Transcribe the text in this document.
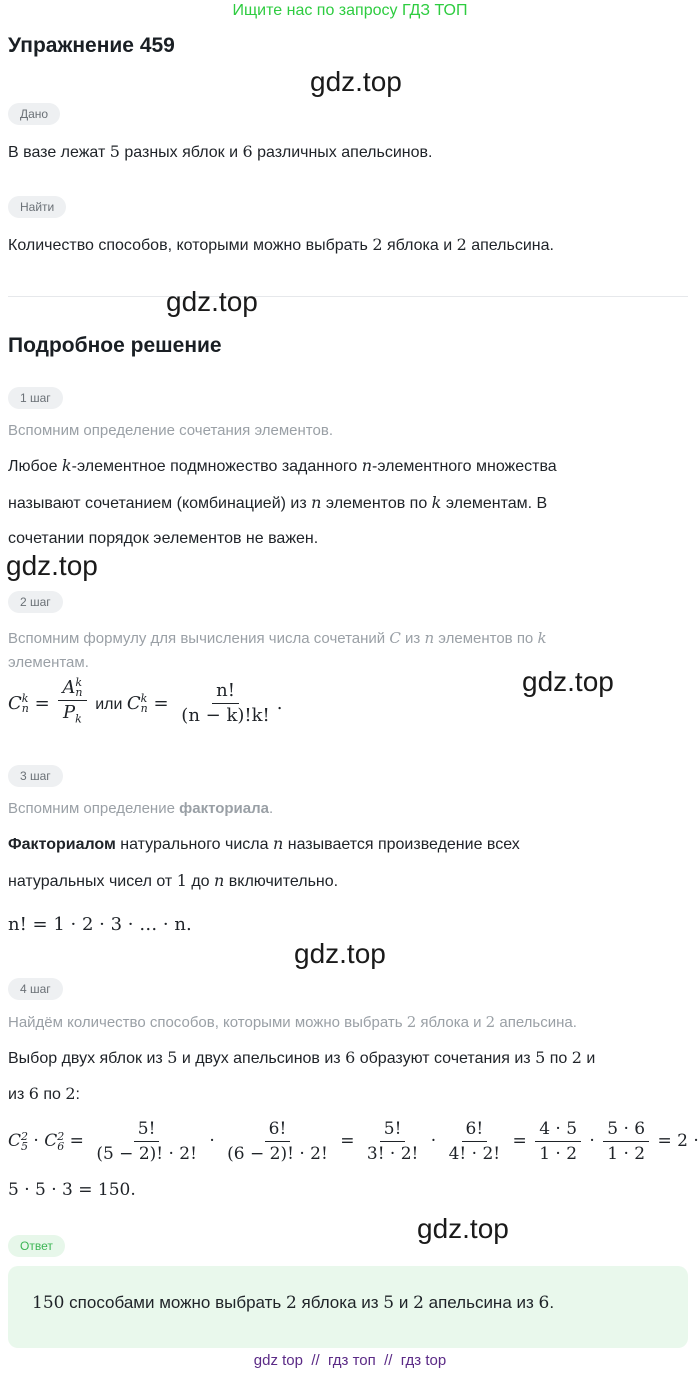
Ищите нас по запросу ГДЗ ТОП
Упражнение 459
gdz.top
Дано
В вазе лежат 5 разных яблок и 6 различных апельсинов.
Найти
Количество способов, которыми можно выбрать 2 яблока и 2 апельсина.
gdz.top
Подробное решение
1 шаг
Вспомним определение сочетания элементов.
Любое k-элементное подмножество заданного n-элементного множества
называют сочетанием (комбинацией) из n элементов по k элементам. В
сочетании порядок эелементов не важен.
gdz.top
2 шаг
Вспомним формулу для вычисления числа сочетаний C из n элементов по k
элементам.
gdz.top
C k
n = A k
n
$P_k$ или C k
$n = \frac{n!}{(n - k)!k!}$ .
3 шаг
Вспомним определение факториала.
Факториалом натурального числа n называется произведение всех
натуральных чисел от 1 до n включительно.
n! = 1 · 2 · 3 · … · n.
gdz.top
4 шаг
Найдём количество способов, которыми можно выбрать 2 яблока и 2 апельсина.
Выбор двух яблок из 5 и двух апельсинов из 6 образуют сочетания из 5 по 2 и
из 6 по 2:
C 2
5 · C 2
$6 = \frac{5!}{(5 - 2)! \cdot 2!} \cdot \frac{6!}{(6 - 2)! \cdot 2!} = \frac{5!}{3! \cdot 2!} \cdot \frac{6!}{4! \cdot 2!} = \frac{4 \cdot 5}{1 \cdot 2} \cdot \frac{5 \cdot 6}{1 \cdot 2} = 2$ ·
5 · 5 · 3 = 150.
gdz.top
Ответ
150 способами можно выбрать 2 яблока из 5 и 2 апельсина из 6.
gdz top  //  гдз топ  //  гдз top
